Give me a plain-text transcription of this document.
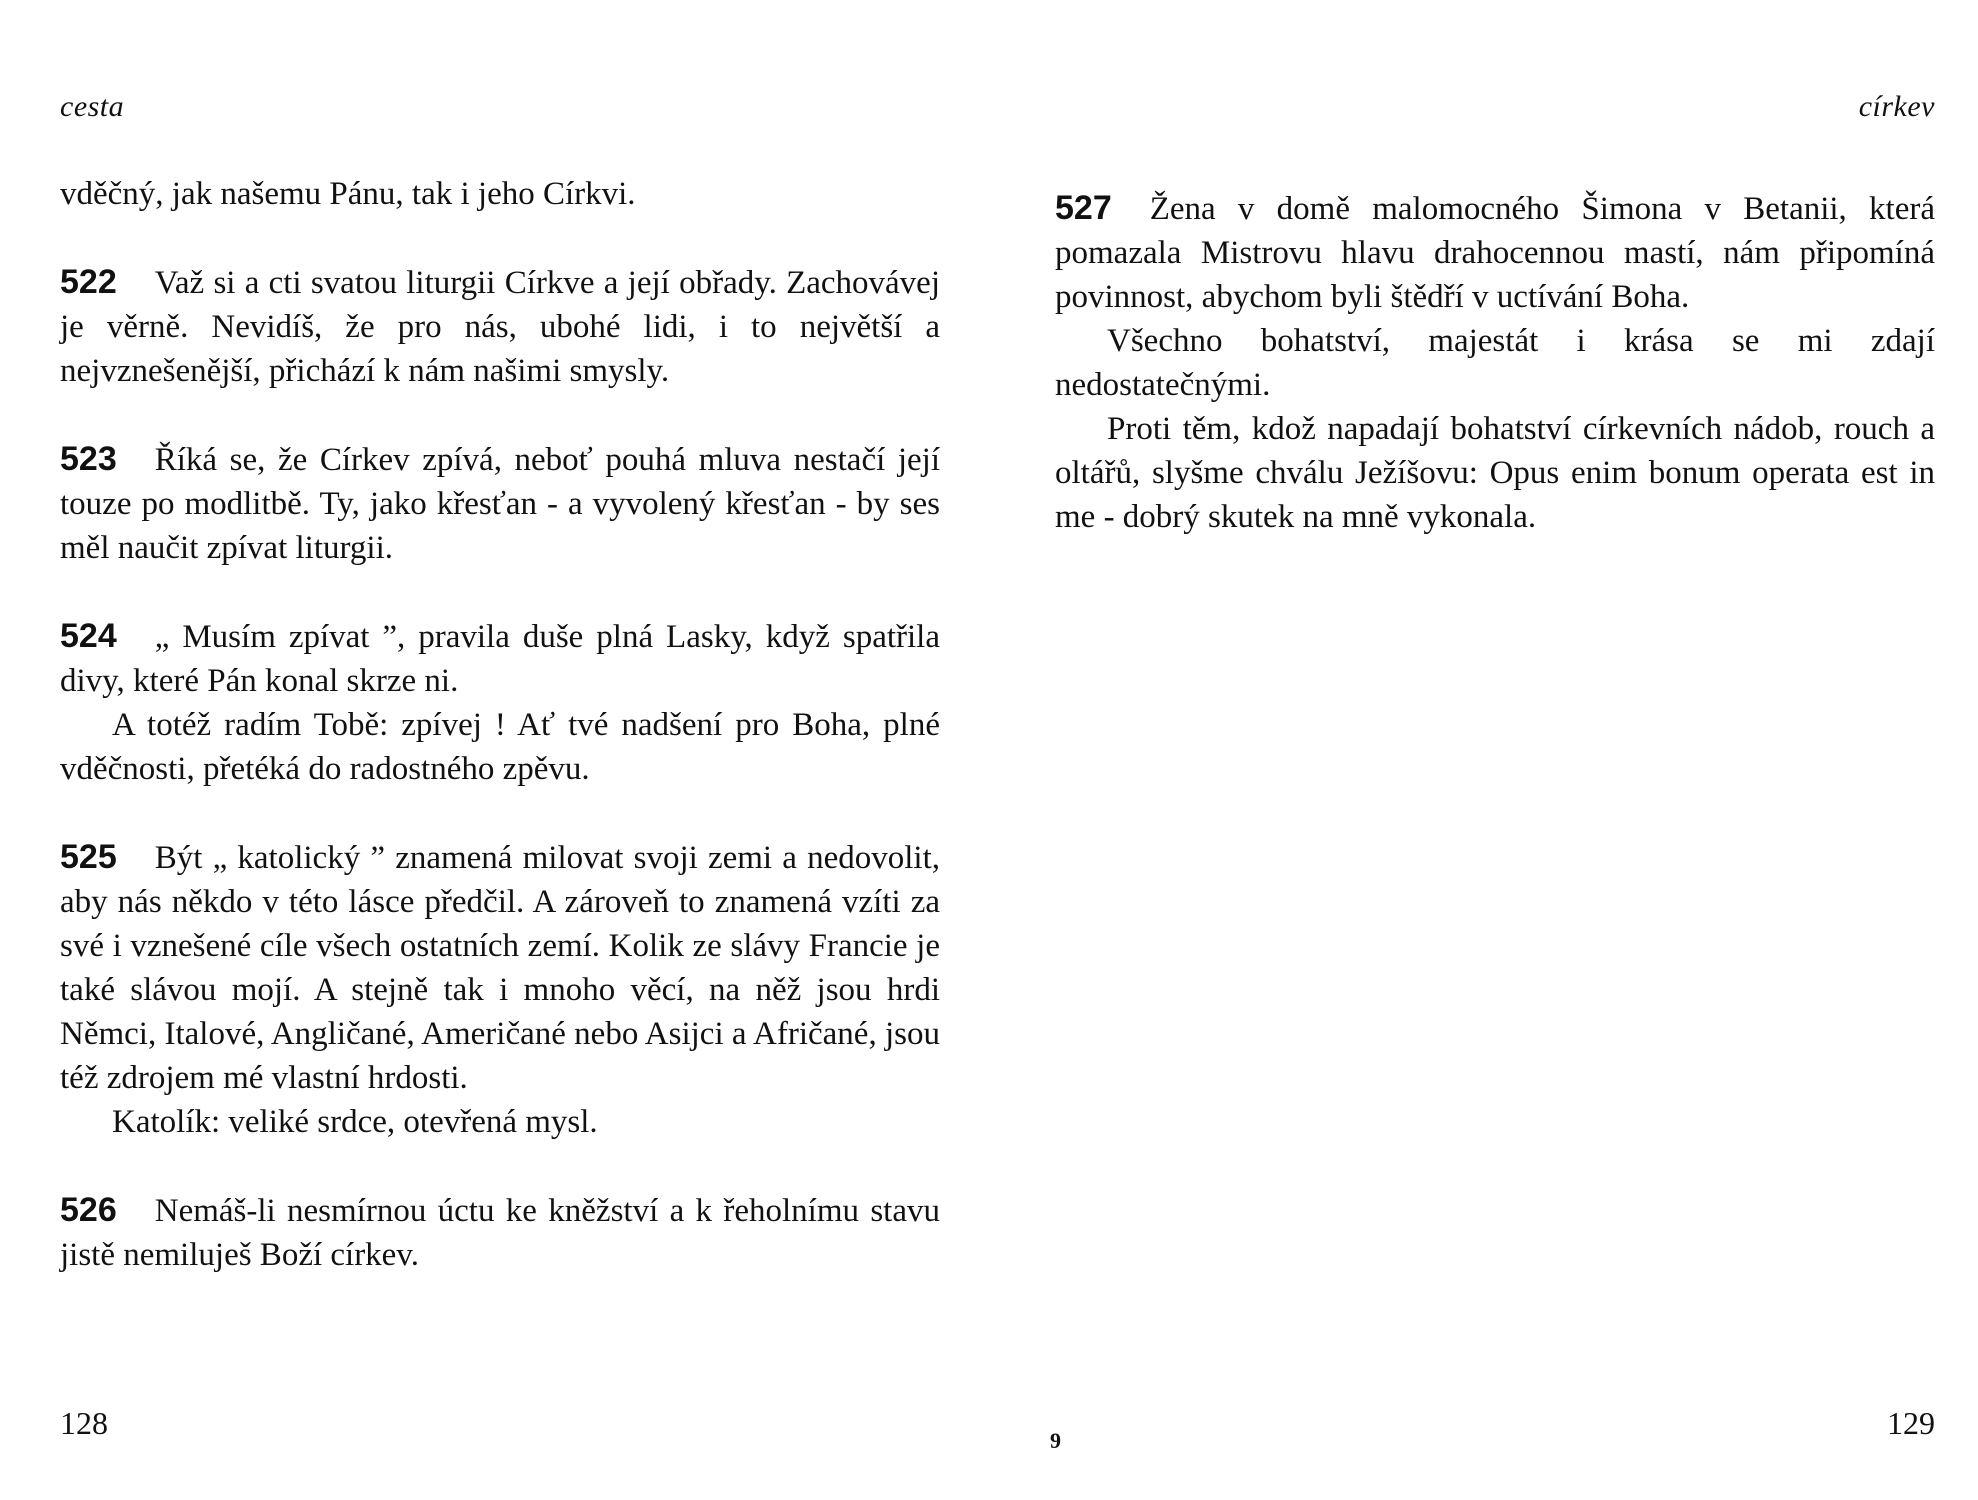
cesta

vděčný, jak našemu Pánu, tak i jeho Církvi.

522 Važ si a cti svatou liturgii Církve a její obřady. Zachovávej je věrně. Nevidíš, že pro nás, ubohé lidi, i to největší a nejvznešenější, přichází k nám našimi smysly.

523 Říká se, že Církev zpívá, neboť pouhá mluva nestačí její touze po modlitbě. Ty, jako křesťan - a vyvolený křesťan - by ses měl naučit zpívat liturgii.

524 „ Musím zpívat ”, pravila duše plná Lasky, když spatřila divy, které Pán konal skrze ni.

A totéž radím Tobě: zpívej ! Ať tvé nadšení pro Boha, plné vděčnosti, přetéká do radostného zpěvu.

525 Být „ katolický ” znamená milovat svoji zemi a nedovolit, aby nás někdo v této lásce předčil. A zároveň to znamená vzíti za své i vznešené cíle všech ostatních zemí. Kolik ze slávy Francie je také slávou mojí. A stejně tak i mnoho věcí, na něž jsou hrdi Němci, Italové, Angličané, Američané nebo Asijci a Afričané, jsou též zdrojem mé vlastní hrdosti.

Katolík: veliké srdce, otevřená mysl.

526 Nemáš-li nesmírnou úctu ke kněžství a k řeholnímu stavu jistě nemiluješ Boží církev.

128
církev

527 Žena v domě malomocného Šimona v Betanii, která pomazala Mistrovu hlavu drahocennou mastí, nám připomíná povinnost, abychom byli štědří v uctívání Boha.

Všechno bohatství, majestát i krása se mi zdají nedostatečnými.

Proti těm, kdož napadají bohatství církevních nádob, rouch a oltářů, slyšme chválu Ježíšovu: Opus enim bonum operata est in me - dobrý skutek na mně vykonala.

129
9
